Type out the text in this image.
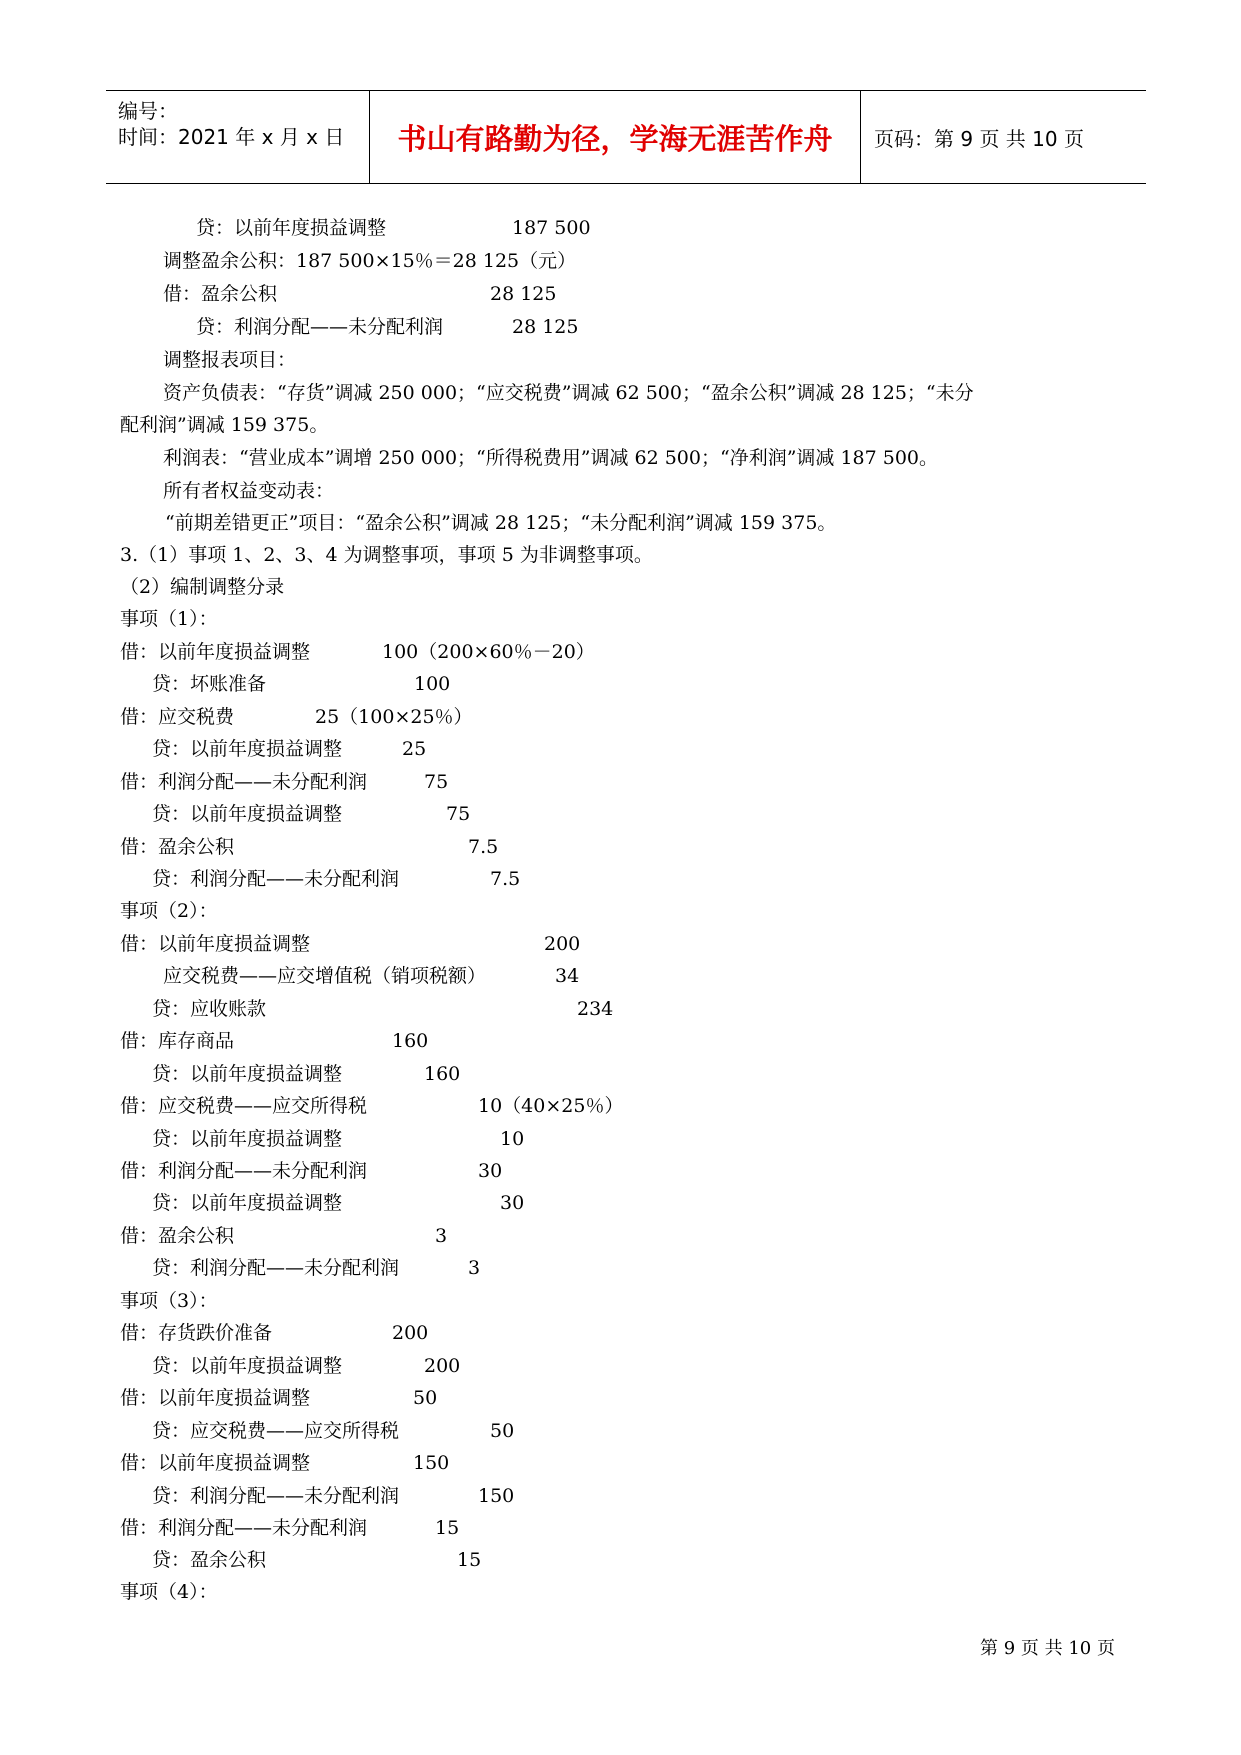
编号：
时间：2021 年 x 月 x 日	书山有路勤为径，学海无涯苦作舟	页码：第 9 页 共 10 页
贷：以前年度损益调整	187 500
调整盈余公积：187 500×15％＝28 125（元）
借：盈余公积	28 125
贷：利润分配——未分配利润	28 125
调整报表项目：
资产负债表：“存货”调减 250 000；“应交税费”调减 62 500；“盈余公积”调减 28 125；“未分
配利润”调减 159 375。
利润表：“营业成本”调增 250 000；“所得税费用”调减 62 500；“净利润”调减 187 500。
所有者权益变动表：
“前期差错更正”项目：“盈余公积”调减 28 125；“未分配利润”调减 159 375。
3.（1）事项 1、2、3、4 为调整事项，事项 5 为非调整事项。
（2）编制调整分录
事项（1）：
借：以前年度损益调整	100（200×60％－20）
贷：坏账准备	100
借：应交税费	25（100×25％）
贷：以前年度损益调整	25
借：利润分配——未分配利润	75
贷：以前年度损益调整	75
借：盈余公积	7.5
贷：利润分配——未分配利润	7.5
事项（2）：
借：以前年度损益调整	200
应交税费——应交增值税（销项税额）	34
贷：应收账款	234
借：库存商品	160
贷：以前年度损益调整	160
借：应交税费——应交所得税	10（40×25％）
贷：以前年度损益调整	10
借：利润分配——未分配利润	30
贷：以前年度损益调整	30
借：盈余公积	3
贷：利润分配——未分配利润	3
事项（3）：
借：存货跌价准备	200
贷：以前年度损益调整	200
借：以前年度损益调整	50
贷：应交税费——应交所得税	50
借：以前年度损益调整	150
贷：利润分配——未分配利润	150
借：利润分配——未分配利润	15
贷：盈余公积	15
事项（4）：
第 9 页 共 10 页
